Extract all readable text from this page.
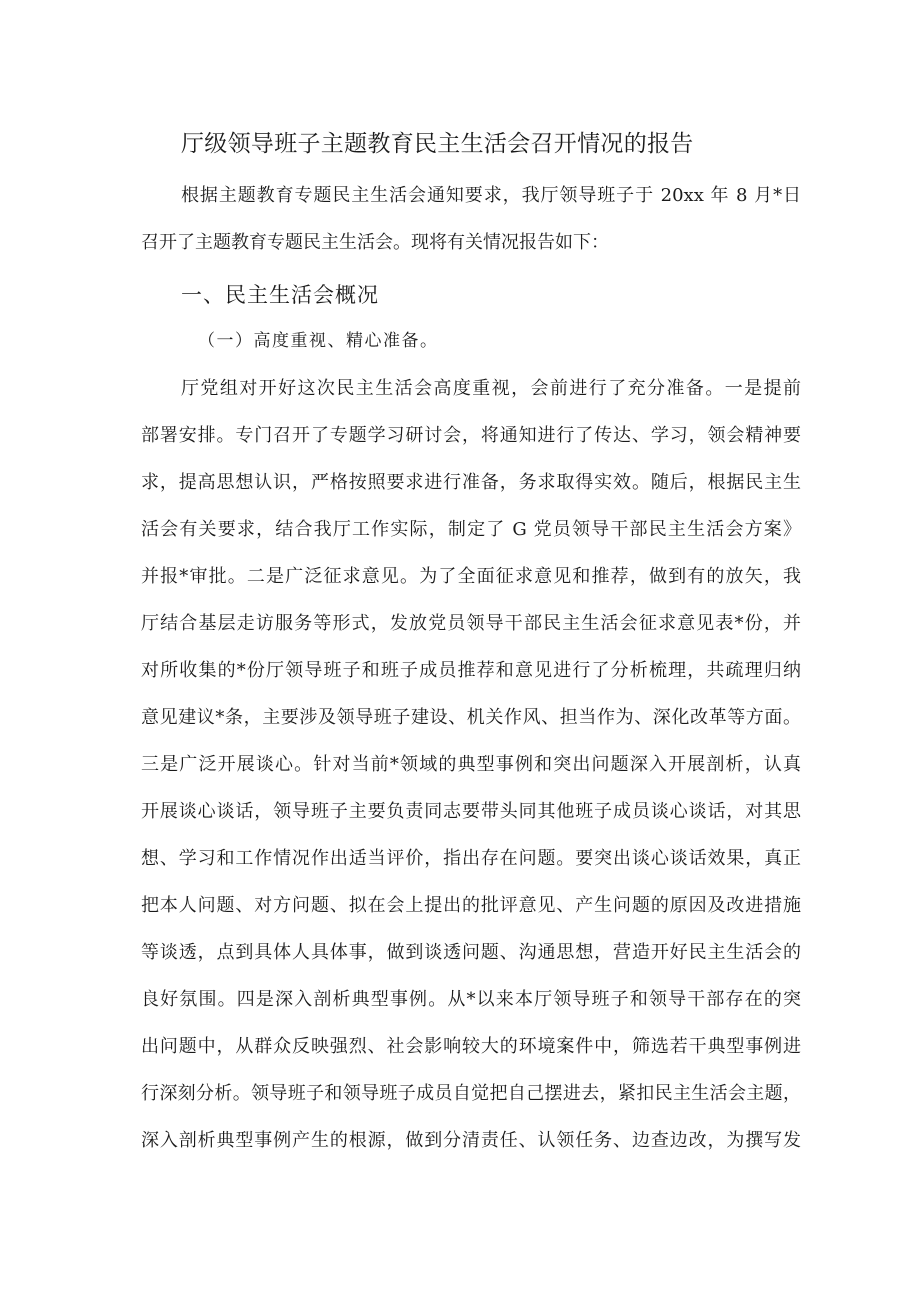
厅级领导班子主题教育民主生活会召开情况的报告
根据主题教育专题民主生活会通知要求，我厅领导班子于 20xx 年 8 月*日
召开了主题教育专题民主生活会。现将有关情况报告如下：
一、民主生活会概况
（一）高度重视、精心准备。
厅党组对开好这次民主生活会高度重视，会前进行了充分准备。一是提前
部署安排。专门召开了专题学习研讨会，将通知进行了传达、学习，领会精神要
求，提高思想认识，严格按照要求进行准备，务求取得实效。随后，根据民主生
活会有关要求，结合我厅工作实际，制定了 G 党员领导干部民主生活会方案》
并报*审批。二是广泛征求意见。为了全面征求意见和推荐，做到有的放矢，我
厅结合基层走访服务等形式，发放党员领导干部民主生活会征求意见表*份，并
对所收集的*份厅领导班子和班子成员推荐和意见进行了分析梳理，共疏理归纳
意见建议*条，主要涉及领导班子建设、机关作风、担当作为、深化改革等方面。
三是广泛开展谈心。针对当前*领域的典型事例和突出问题深入开展剖析，认真
开展谈心谈话，领导班子主要负责同志要带头同其他班子成员谈心谈话，对其思
想、学习和工作情况作出适当评价，指出存在问题。要突出谈心谈话效果，真正
把本人问题、对方问题、拟在会上提出的批评意见、产生问题的原因及改进措施
等谈透，点到具体人具体事，做到谈透问题、沟通思想，营造开好民主生活会的
良好氛围。四是深入剖析典型事例。从*以来本厅领导班子和领导干部存在的突
出问题中，从群众反映强烈、社会影响较大的环境案件中，筛选若干典型事例进
行深刻分析。领导班子和领导班子成员自觉把自己摆进去，紧扣民主生活会主题，
深入剖析典型事例产生的根源，做到分清责任、认领任务、边查边改，为撰写发
